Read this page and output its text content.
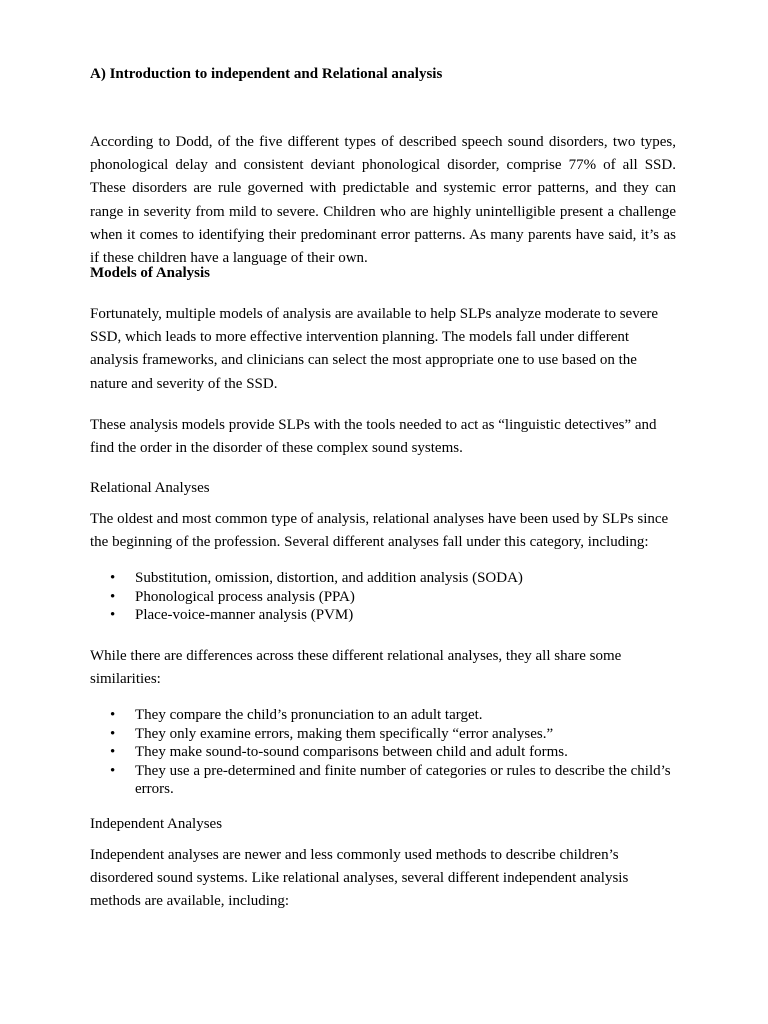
A) Introduction to independent and Relational analysis

According to Dodd, of the five different types of described speech sound disorders, two types, phonological delay and consistent deviant phonological disorder, comprise 77% of all SSD. These disorders are rule governed with predictable and systemic error patterns, and they can range in severity from mild to severe. Children who are highly unintelligible present a challenge when it comes to identifying their predominant error patterns. As many parents have said, it’s as if these children have a language of their own.

Models of Analysis
Fortunately, multiple models of analysis are available to help SLPs analyze moderate to severe
SSD, which leads to more effective intervention planning. The models fall under different
analysis frameworks, and clinicians can select the most appropriate one to use based on the
nature and severity of the SSD.
These analysis models provide SLPs with the tools needed to act as “linguistic detectives” and
find the order in the disorder of these complex sound systems.
Relational Analyses
The oldest and most common type of analysis, relational analyses have been used by SLPs since
the beginning of the profession. Several different analyses fall under this category, including:
• Substitution, omission, distortion, and addition analysis (SODA)
• Phonological process analysis (PPA)
• Place-voice-manner analysis (PVM)
While there are differences across these different relational analyses, they all share some
similarities:
• They compare the child’s pronunciation to an adult target.
• They only examine errors, making them specifically “error analyses.”
• They make sound-to-sound comparisons between child and adult forms.
• They use a pre-determined and finite number of categories or rules to describe the child’s errors.
Independent Analyses
Independent analyses are newer and less commonly used methods to describe children’s
disordered sound systems. Like relational analyses, several different independent analysis
methods are available, including:
